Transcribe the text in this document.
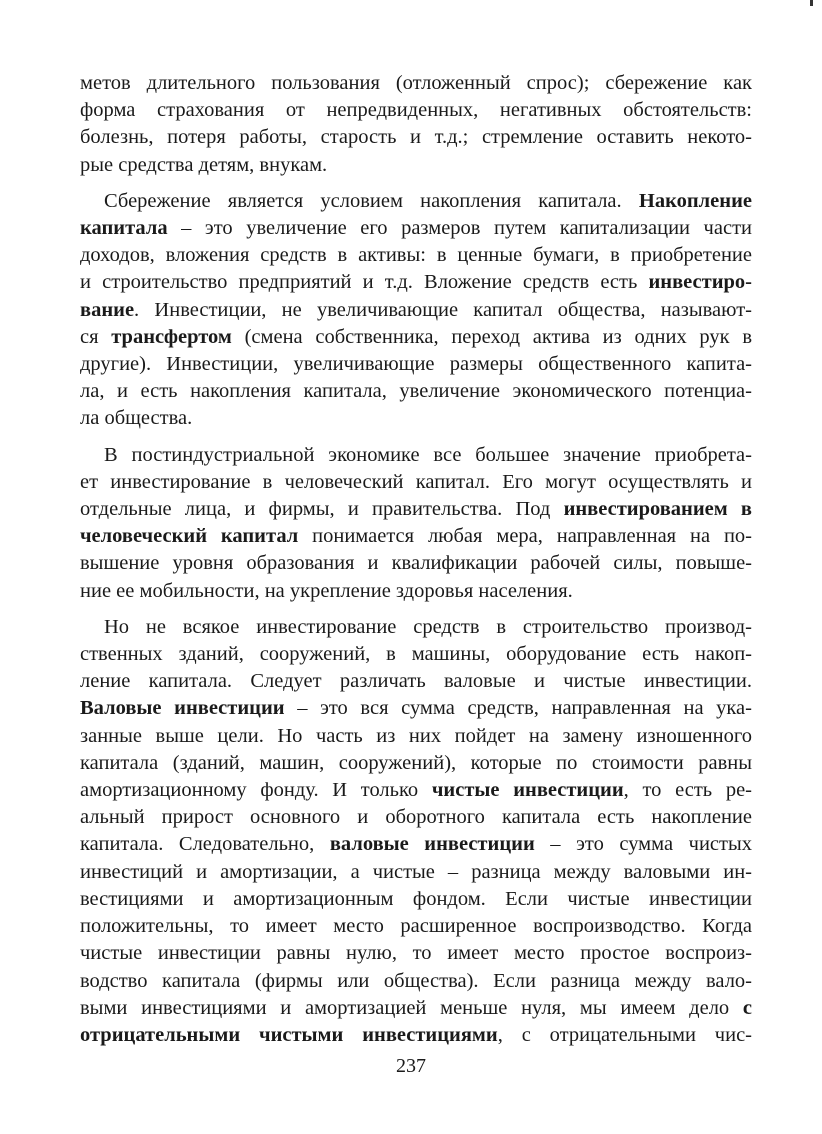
метов длительного пользования (отложенный спрос); сбережение как
форма страхования от непредвиденных, негативных обстоятельств:
болезнь, потеря работы, старость и т.д.; стремление оставить некото-
рые средства детям, внукам.
Сбережение является условием накопления капитала. Накопление
капитала – это увеличение его размеров путем капитализации части
доходов, вложения средств в активы: в ценные бумаги, в приобретение
и строительство предприятий и т.д. Вложение средств есть инвестиро-
вание. Инвестиции, не увеличивающие капитал общества, называют-
ся трансфертом (смена собственника, переход актива из одних рук в
другие). Инвестиции, увеличивающие размеры общественного капита-
ла, и есть накопления капитала, увеличение экономического потенциа-
ла общества.
В постиндустриальной экономике все большее значение приобрета-
ет инвестирование в человеческий капитал. Его могут осуществлять и
отдельные лица, и фирмы, и правительства. Под инвестированием в
человеческий капитал понимается любая мера, направленная на по-
вышение уровня образования и квалификации рабочей силы, повыше-
ние ее мобильности, на укрепление здоровья населения.
Но не всякое инвестирование средств в строительство производ-
ственных зданий, сооружений, в машины, оборудование есть накоп-
ление капитала. Следует различать валовые и чистые инвестиции.
Валовые инвестиции – это вся сумма средств, направленная на ука-
занные выше цели. Но часть из них пойдет на замену изношенного
капитала (зданий, машин, сооружений), которые по стоимости равны
амортизационному фонду. И только чистые инвестиции, то есть ре-
альный прирост основного и оборотного капитала есть накопление
капитала. Следовательно, валовые инвестиции – это сумма чистых
инвестиций и амортизации, а чистые – разница между валовыми ин-
вестициями и амортизационным фондом. Если чистые инвестиции
положительны, то имеет место расширенное воспроизводство. Когда
чистые инвестиции равны нулю, то имеет место простое воспроиз-
водство капитала (фирмы или общества). Если разница между вало-
выми инвестициями и амортизацией меньше нуля, мы имеем дело с
отрицательными чистыми инвестициями, с отрицательными чис-
237
